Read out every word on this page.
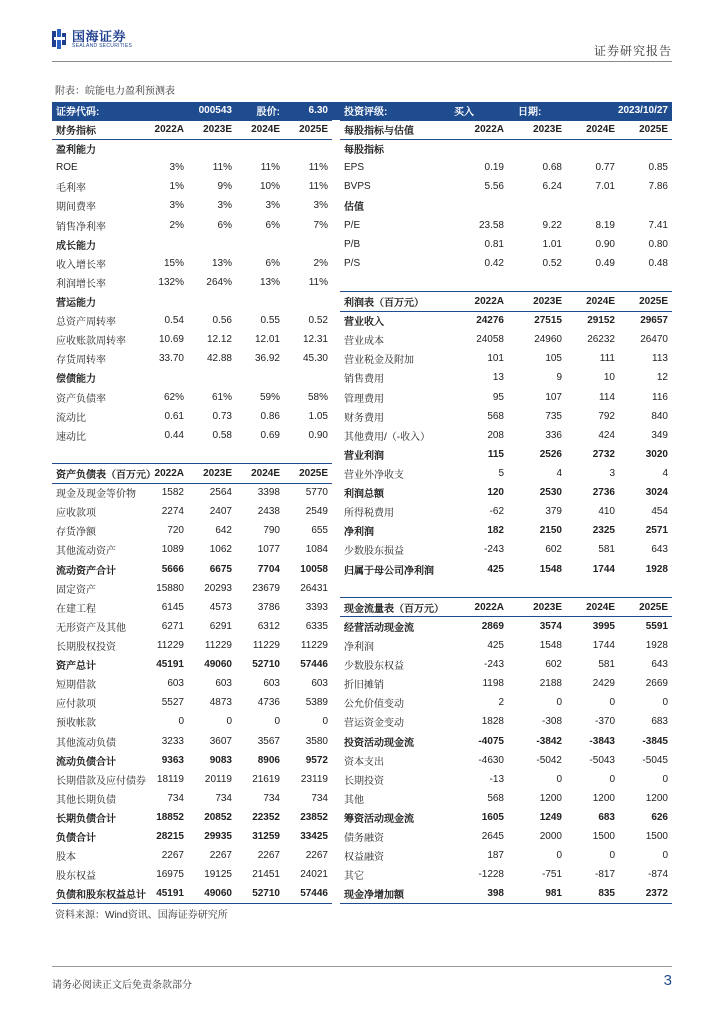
国海证券
SEALAND SECURITIES	证券研究报告
附表：皖能电力盈利预测表
证券代码:	000543		股价:	6.30		投资评级:	买入	日期:	2023/10/27	
财务指标	2022A	2023E	2024E	2025E		每股指标与估值	2022A	2023E	2024E	2025E
盈利能力						每股指标				
ROE	3%	11%	11%	11%		EPS	0.19	0.68	0.77	0.85
毛利率	1%	9%	10%	11%		BVPS	5.56	6.24	7.01	7.86
期间费率	3%	3%	3%	3%		估值				
销售净利率	2%	6%	6%	7%		P/E	23.58	9.22	8.19	7.41
成长能力						P/B	0.81	1.01	0.90	0.80
收入增长率	15%	13%	6%	2%		P/S	0.42	0.52	0.49	0.48
利润增长率	132%	264%	13%	11%						
营运能力						利润表（百万元）	2022A	2023E	2024E	2025E
总资产周转率	0.54	0.56	0.55	0.52		营业收入	24276	27515	29152	29657
应收账款周转率	10.69	12.12	12.01	12.31		营业成本	24058	24960	26232	26470
存货周转率	33.70	42.88	36.92	45.30		营业税金及附加	101	105	111	113
偿债能力						销售费用	13	9	10	12
资产负债率	62%	61%	59%	58%		管理费用	95	107	114	116
流动比	0.61	0.73	0.86	1.05		财务费用	568	735	792	840
速动比	0.44	0.58	0.69	0.90		其他费用/（-收入）	208	336	424	349
						营业利润	115	2526	2732	3020
资产负债表（百万元）	2022A	2023E	2024E	2025E		营业外净收支	5	4	3	4
现金及现金等价物	1582	2564	3398	5770		利润总额	120	2530	2736	3024
应收款项	2274	2407	2438	2549		所得税费用	-62	379	410	454
存货净额	720	642	790	655		净利润	182	2150	2325	2571
其他流动资产	1089	1062	1077	1084		少数股东损益	-243	602	581	643
流动资产合计	5666	6675	7704	10058		归属于母公司净利润	425	1548	1744	1928
固定资产	15880	20293	23679	26431						
在建工程	6145	4573	3786	3393		现金流量表（百万元）	2022A	2023E	2024E	2025E
无形资产及其他	6271	6291	6312	6335		经营活动现金流	2869	3574	3995	5591
长期股权投资	11229	11229	11229	11229		净利润	425	1548	1744	1928
资产总计	45191	49060	52710	57446		少数股东权益	-243	602	581	643
短期借款	603	603	603	603		折旧摊销	1198	2188	2429	2669
应付款项	5527	4873	4736	5389		公允价值变动	2	0	0	0
预收帐款	0	0	0	0		营运资金变动	1828	-308	-370	683
其他流动负债	3233	3607	3567	3580		投资活动现金流	-4075	-3842	-3843	-3845
流动负债合计	9363	9083	8906	9572		资本支出	-4630	-5042	-5043	-5045
长期借款及应付债券	18119	20119	21619	23119		长期投资	-13	0	0	0
其他长期负债	734	734	734	734		其他	568	1200	1200	1200
长期负债合计	18852	20852	22352	23852		筹资活动现金流	1605	1249	683	626
负债合计	28215	29935	31259	33425		债务融资	2645	2000	1500	1500
股本	2267	2267	2267	2267		权益融资	187	0	0	0
股东权益	16975	19125	21451	24021		其它	-1228	-751	-817	-874
负债和股东权益总计	45191	49060	52710	57446		现金净增加额	398	981	835	2372
资料来源：Wind资讯、国海证券研究所
请务必阅读正文后免责条款部分	3
